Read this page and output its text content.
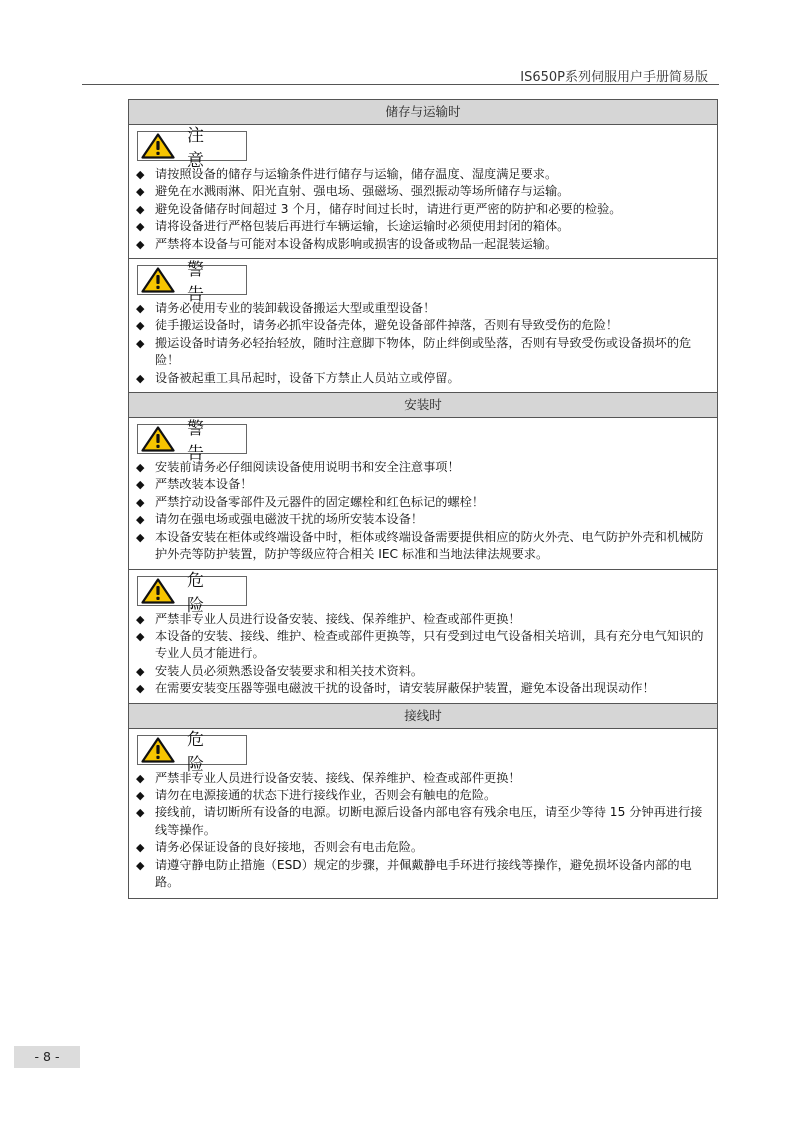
IS650P系列伺服用户手册简易版
储存与运输时
注 意
◆ 请按照设备的储存与运输条件进行储存与运输，储存温度、湿度满足要求。
◆ 避免在水溅雨淋、阳光直射、强电场、强磁场、强烈振动等场所储存与运输。
◆ 避免设备储存时间超过 3 个月，储存时间过长时，请进行更严密的防护和必要的检验。
◆ 请将设备进行严格包装后再进行车辆运输，长途运输时必须使用封闭的箱体。
◆ 严禁将本设备与可能对本设备构成影响或损害的设备或物品一起混装运输。
警 告
◆ 请务必使用专业的装卸载设备搬运大型或重型设备！
◆ 徒手搬运设备时，请务必抓牢设备壳体，避免设备部件掉落，否则有导致受伤的危险！
◆ 搬运设备时请务必轻抬轻放，随时注意脚下物体，防止绊倒或坠落，否则有导致受伤或设备损坏的危险！
◆ 设备被起重工具吊起时，设备下方禁止人员站立或停留。
安装时
警 告
◆ 安装前请务必仔细阅读设备使用说明书和安全注意事项！
◆ 严禁改装本设备！
◆ 严禁拧动设备零部件及元器件的固定螺栓和红色标记的螺栓！
◆ 请勿在强电场或强电磁波干扰的场所安装本设备！
◆ 本设备安装在柜体或终端设备中时，柜体或终端设备需要提供相应的防火外壳、电气防护外壳和机械防护外壳等防护装置，防护等级应符合相关 IEC 标准和当地法律法规要求。
危 险
◆ 严禁非专业人员进行设备安装、接线、保养维护、检查或部件更换！
◆ 本设备的安装、接线、维护、检查或部件更换等，只有受到过电气设备相关培训，具有充分电气知识的专业人员才能进行。
◆ 安装人员必须熟悉设备安装要求和相关技术资料。
◆ 在需要安装变压器等强电磁波干扰的设备时，请安装屏蔽保护装置，避免本设备出现误动作！
接线时
危 险
◆ 严禁非专业人员进行设备安装、接线、保养维护、检查或部件更换！
◆ 请勿在电源接通的状态下进行接线作业，否则会有触电的危险。
◆ 接线前，请切断所有设备的电源。切断电源后设备内部电容有残余电压，请至少等待 15 分钟再进行接线等操作。
◆ 请务必保证设备的良好接地，否则会有电击危险。
◆ 请遵守静电防止措施（ESD）规定的步骤，并佩戴静电手环进行接线等操作，避免损坏设备内部的电路。
- 8 -
